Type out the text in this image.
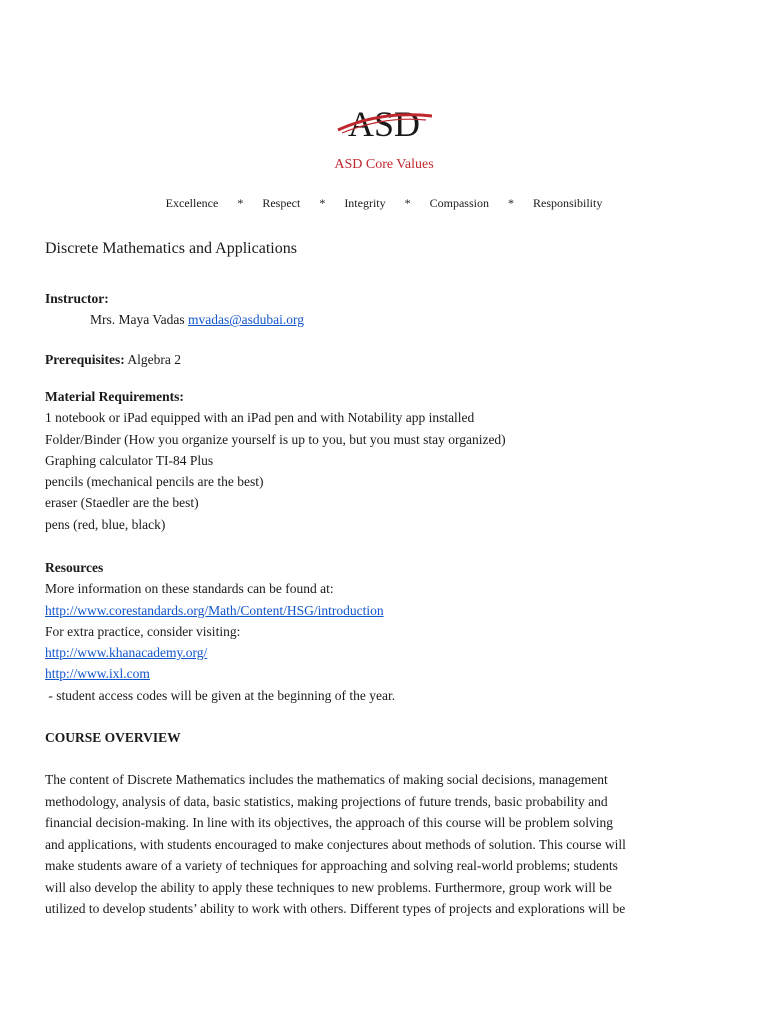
ASD
ASD Core Values
Excellence * Respect * Integrity * Compassion * Responsibility
Discrete Mathematics and Applications
Instructor:
Mrs. Maya Vadas mvadas@asdubai.org
Prerequisites: Algebra 2
Material Requirements:
1 notebook or iPad equipped with an iPad pen and with Notability app installed
Folder/Binder (How you organize yourself is up to you, but you must stay organized)
Graphing calculator TI-84 Plus
pencils (mechanical pencils are the best)
eraser (Staedler are the best)
pens (red, blue, black)
Resources
More information on these standards can be found at:
http://www.corestandards.org/Math/Content/HSG/introduction
For extra practice, consider visiting:
http://www.khanacademy.org/
http://www.ixl.com
- student access codes will be given at the beginning of the year.
COURSE OVERVIEW
The content of Discrete Mathematics includes the mathematics of making social decisions, management
methodology, analysis of data, basic statistics, making projections of future trends, basic probability and
financial decision-making. In line with its objectives, the approach of this course will be problem solving
and applications, with students encouraged to make conjectures about methods of solution. This course will
make students aware of a variety of techniques for approaching and solving real-world problems; students
will also develop the ability to apply these techniques to new problems. Furthermore, group work will be
utilized to develop students’ ability to work with others. Different types of projects and explorations will be
